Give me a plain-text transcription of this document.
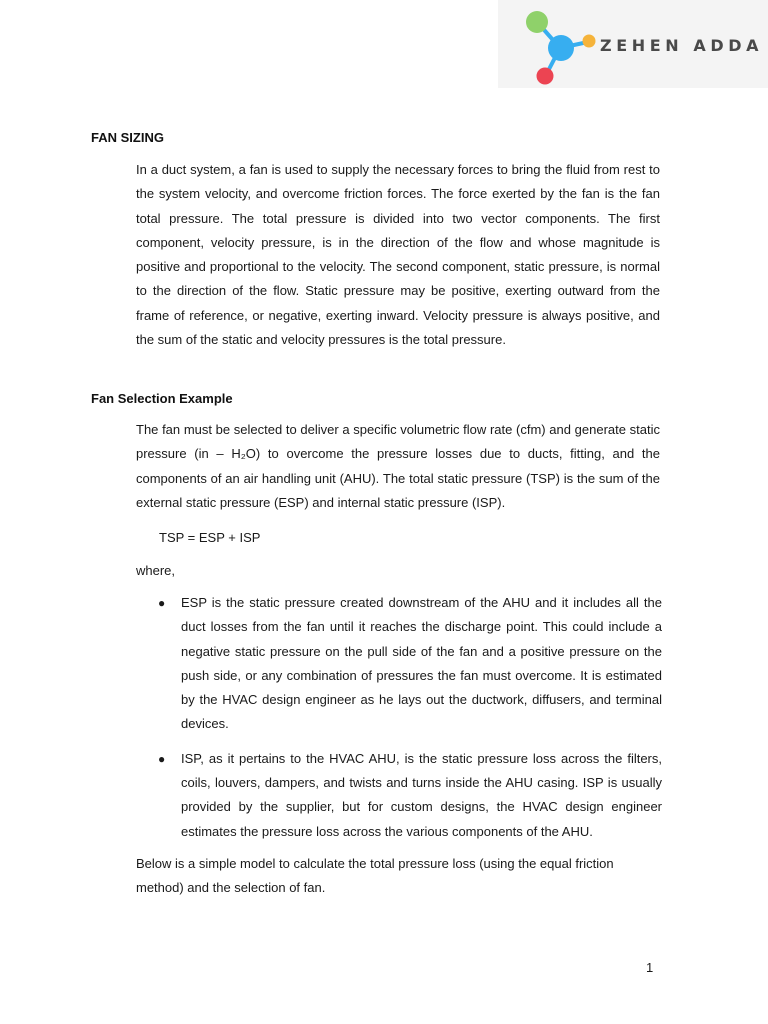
ZEHEN ADDA
FAN SIZING

In a duct system, a fan is used to supply the necessary forces to bring the fluid from rest to the system velocity, and overcome friction forces. The force exerted by the fan is the fan total pressure. The total pressure is divided into two vector components. The first component, velocity pressure, is in the direction of the flow and whose magnitude is positive and proportional to the velocity. The second component, static pressure, is normal to the direction of the flow. Static pressure may be positive, exerting outward from the frame of reference, or negative, exerting inward. Velocity pressure is always positive, and the sum of the static and velocity pressures is the total pressure.

Fan Selection Example

The fan must be selected to deliver a specific volumetric flow rate (cfm) and generate static pressure (in – H₂O) to overcome the pressure losses due to ducts, fitting, and the components of an air handling unit (AHU). The total static pressure (TSP) is the sum of the external static pressure (ESP) and internal static pressure (ISP).

TSP = ESP + ISP

where,

● ESP is the static pressure created downstream of the AHU and it includes all the duct losses from the fan until it reaches the discharge point. This could include a negative static pressure on the pull side of the fan and a positive pressure on the push side, or any combination of pressures the fan must overcome. It is estimated by the HVAC design engineer as he lays out the ductwork, diffusers, and terminal devices.
● ISP, as it pertains to the HVAC AHU, is the static pressure loss across the filters, coils, louvers, dampers, and twists and turns inside the AHU casing. ISP is usually provided by the supplier, but for custom designs, the HVAC design engineer estimates the pressure loss across the various components of the AHU.

Below is a simple model to calculate the total pressure loss (using the equal friction method) and the selection of fan.

1
